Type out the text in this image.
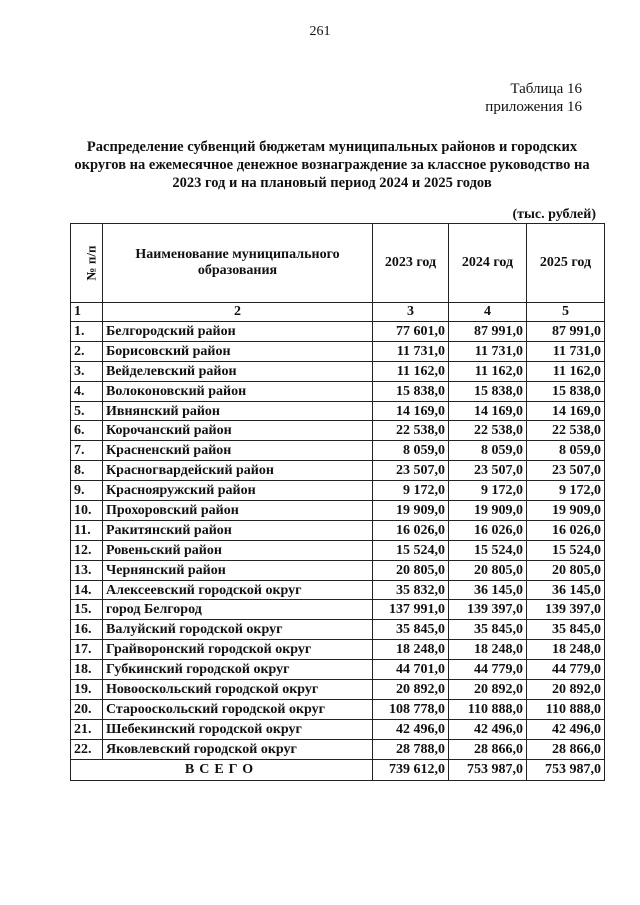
261
Таблица 16
приложения 16
Распределение субвенций бюджетам муниципальных районов и городских округов на ежемесячное денежное вознаграждение за классное руководство на 2023 год и на плановый период 2024 и 2025 годов
(тыс. рублей)
№ п/п	Наименование муниципального образования	2023 год	2024 год	2025 год
1	2	3	4	5
1.	Белгородский район	77 601,0	87 991,0	87 991,0
2.	Борисовский район	11 731,0	11 731,0	11 731,0
3.	Вейделевский район	11 162,0	11 162,0	11 162,0
4.	Волоконовский район	15 838,0	15 838,0	15 838,0
5.	Ивнянский район	14 169,0	14 169,0	14 169,0
6.	Корочанский район	22 538,0	22 538,0	22 538,0
7.	Красненский район	8 059,0	8 059,0	8 059,0
8.	Красногвардейский район	23 507,0	23 507,0	23 507,0
9.	Краснояружский район	9 172,0	9 172,0	9 172,0
10.	Прохоровский район	19 909,0	19 909,0	19 909,0
11.	Ракитянский район	16 026,0	16 026,0	16 026,0
12.	Ровеньский район	15 524,0	15 524,0	15 524,0
13.	Чернянский район	20 805,0	20 805,0	20 805,0
14.	Алексеевский городской округ	35 832,0	36 145,0	36 145,0
15.	город Белгород	137 991,0	139 397,0	139 397,0
16.	Валуйский городской округ	35 845,0	35 845,0	35 845,0
17.	Грайворонский городской округ	18 248,0	18 248,0	18 248,0
18.	Губкинский городской округ	44 701,0	44 779,0	44 779,0
19.	Новооскольский городской округ	20 892,0	20 892,0	20 892,0
20.	Старооскольский городской округ	108 778,0	110 888,0	110 888,0
21.	Шебекинский городской округ	42 496,0	42 496,0	42 496,0
22.	Яковлевский городской округ	28 788,0	28 866,0	28 866,0
ВСЕГО		739 612,0	753 987,0	753 987,0
